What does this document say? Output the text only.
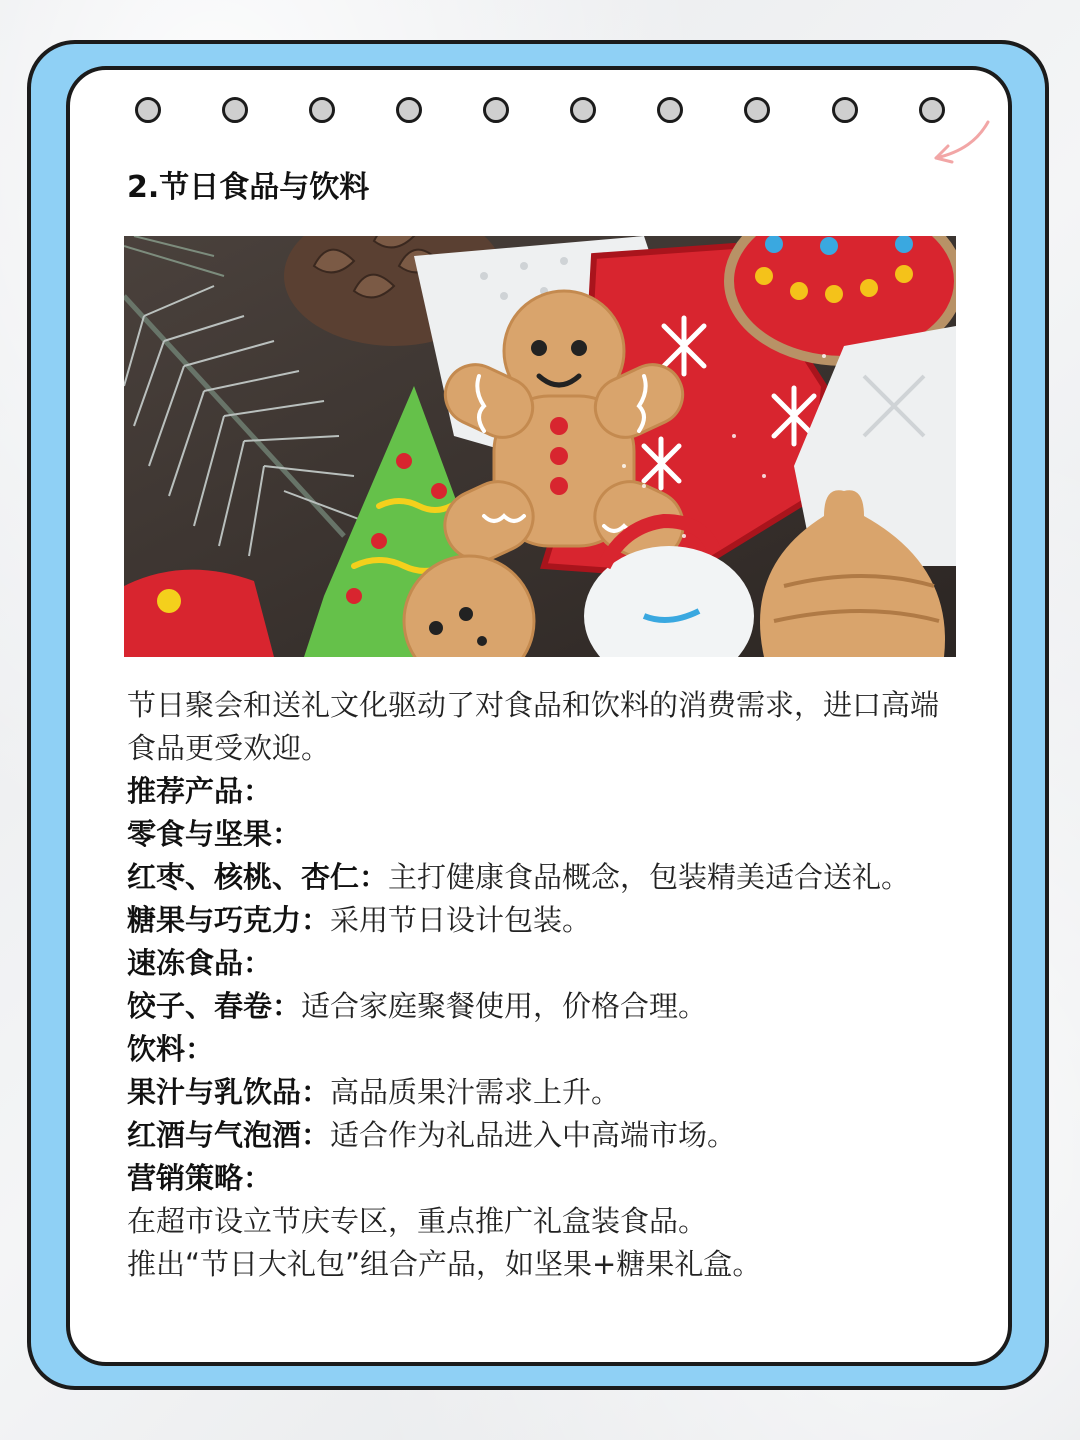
2.节日食品与饮料

节日聚会和送礼文化驱动了对食品和饮料的消费需求，进口高端食品更受欢迎。

推荐产品：

零食与坚果：

红枣、核桃、杏仁：主打健康食品概念，包装精美适合送礼。

糖果与巧克力：采用节日设计包装。

速冻食品：

饺子、春卷：适合家庭聚餐使用，价格合理。

饮料：

果汁与乳饮品：高品质果汁需求上升。

红酒与气泡酒：适合作为礼品进入中高端市场。

营销策略：

在超市设立节庆专区，重点推广礼盒装食品。

推出“节日大礼包”组合产品，如坚果+糖果礼盒。
